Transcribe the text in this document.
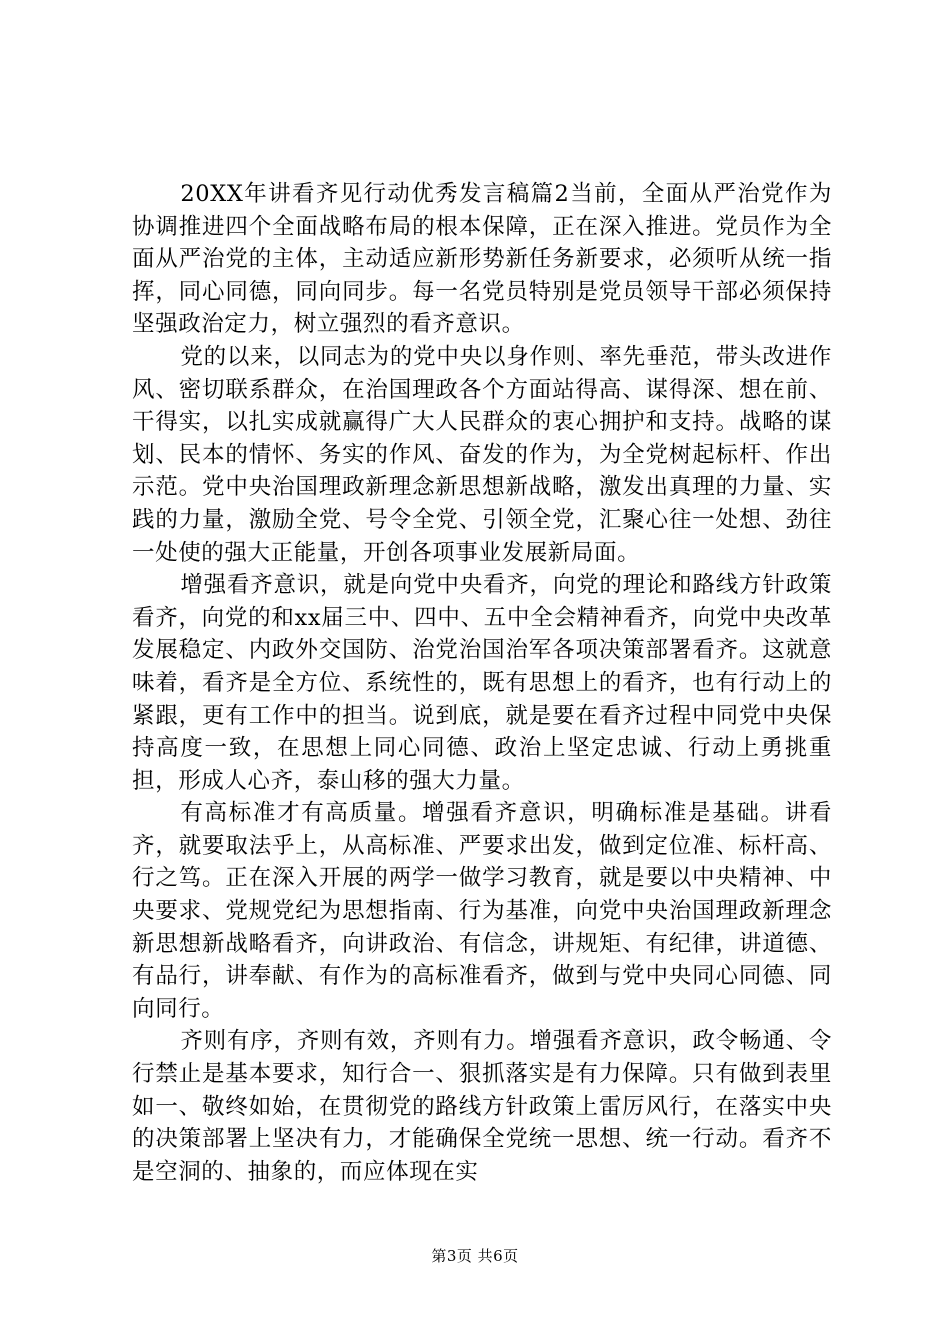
20XX年讲看齐见行动优秀发言稿篇2当前，全面从严治党作为协调推进四个全面战略布局的根本保障，正在深入推进。党员作为全面从严治党的主体，主动适应新形势新任务新要求，必须听从统一指挥，同心同德，同向同步。每一名党员特别是党员领导干部必须保持坚强政治定力，树立强烈的看齐意识。

党的以来，以同志为的党中央以身作则、率先垂范，带头改进作风、密切联系群众，在治国理政各个方面站得高、谋得深、想在前、干得实，以扎实成就赢得广大人民群众的衷心拥护和支持。战略的谋划、民本的情怀、务实的作风、奋发的作为，为全党树起标杆、作出示范。党中央治国理政新理念新思想新战略，激发出真理的力量、实践的力量，激励全党、号令全党、引领全党，汇聚心往一处想、劲往一处使的强大正能量，开创各项事业发展新局面。

增强看齐意识，就是向党中央看齐，向党的理论和路线方针政策看齐，向党的和xx届三中、四中、五中全会精神看齐，向党中央改革发展稳定、内政外交国防、治党治国治军各项决策部署看齐。这就意味着，看齐是全方位、系统性的，既有思想上的看齐，也有行动上的紧跟，更有工作中的担当。说到底，就是要在看齐过程中同党中央保持高度一致，在思想上同心同德、政治上坚定忠诚、行动上勇挑重担，形成人心齐，泰山移的强大力量。

有高标准才有高质量。增强看齐意识，明确标准是基础。讲看齐，就要取法乎上，从高标准、严要求出发，做到定位准、标杆高、行之笃。正在深入开展的两学一做学习教育，就是要以中央精神、中央要求、党规党纪为思想指南、行为基准，向党中央治国理政新理念新思想新战略看齐，向讲政治、有信念，讲规矩、有纪律，讲道德、有品行，讲奉献、有作为的高标准看齐，做到与党中央同心同德、同向同行。

齐则有序，齐则有效，齐则有力。增强看齐意识，政令畅通、令行禁止是基本要求，知行合一、狠抓落实是有力保障。只有做到表里如一、敬终如始，在贯彻党的路线方针政策上雷厉风行，在落实中央的决策部署上坚决有力，才能确保全党统一思想、统一行动。看齐不是空洞的、抽象的，而应体现在实

第3页 共6页
